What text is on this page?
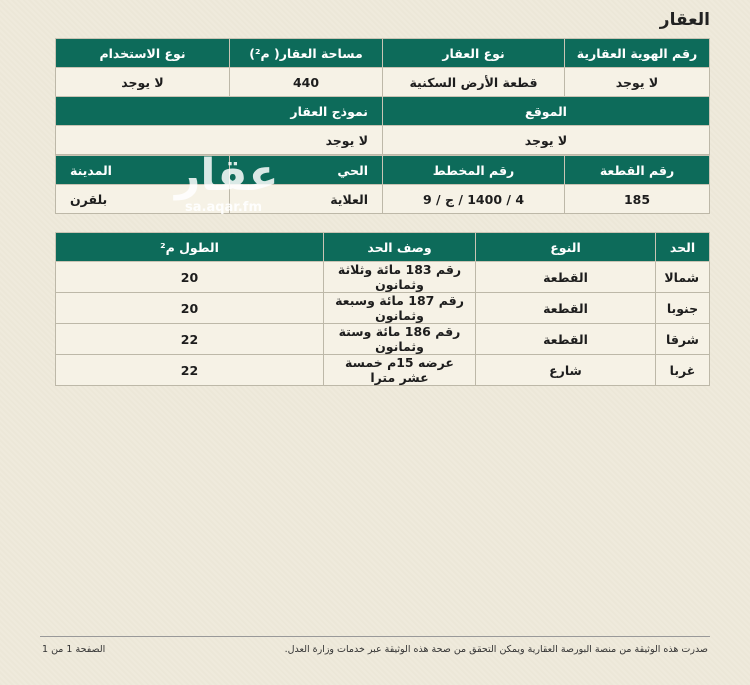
العقار
رقم الهوية العقارية	نوع العقار	مساحة العقار( م²)	نوع الاستخدام
لا يوجد	قطعة الأرض السكنية	440	لا يوجد
الموقع	نموذج العقار
لا يوجد	لا يوجد
رقم القطعة	رقم المخطط	الحي	المدينة
185	4 / 1400 / ج / 9	العلاية	بلقرن
الحد	النوع	وصف الحد	الطول م²
شمالا	القطعة	رقم 183 مائة وثلاثة وثمانون	20
جنوبا	القطعة	رقم 187 مائة وسبعة وثمانون	20
شرقا	القطعة	رقم 186 مائة وستة وثمانون	22
غربا	شارع	عرضه 15م خمسة عشر مترا	22
عقار
sa.aqar.fm
صدرت هذه الوثيقة من منصة البورصة العقارية ويمكن التحقق من صحة هذه الوثيقة عبر خدمات وزارة العدل.
الصفحة 1 من 1
